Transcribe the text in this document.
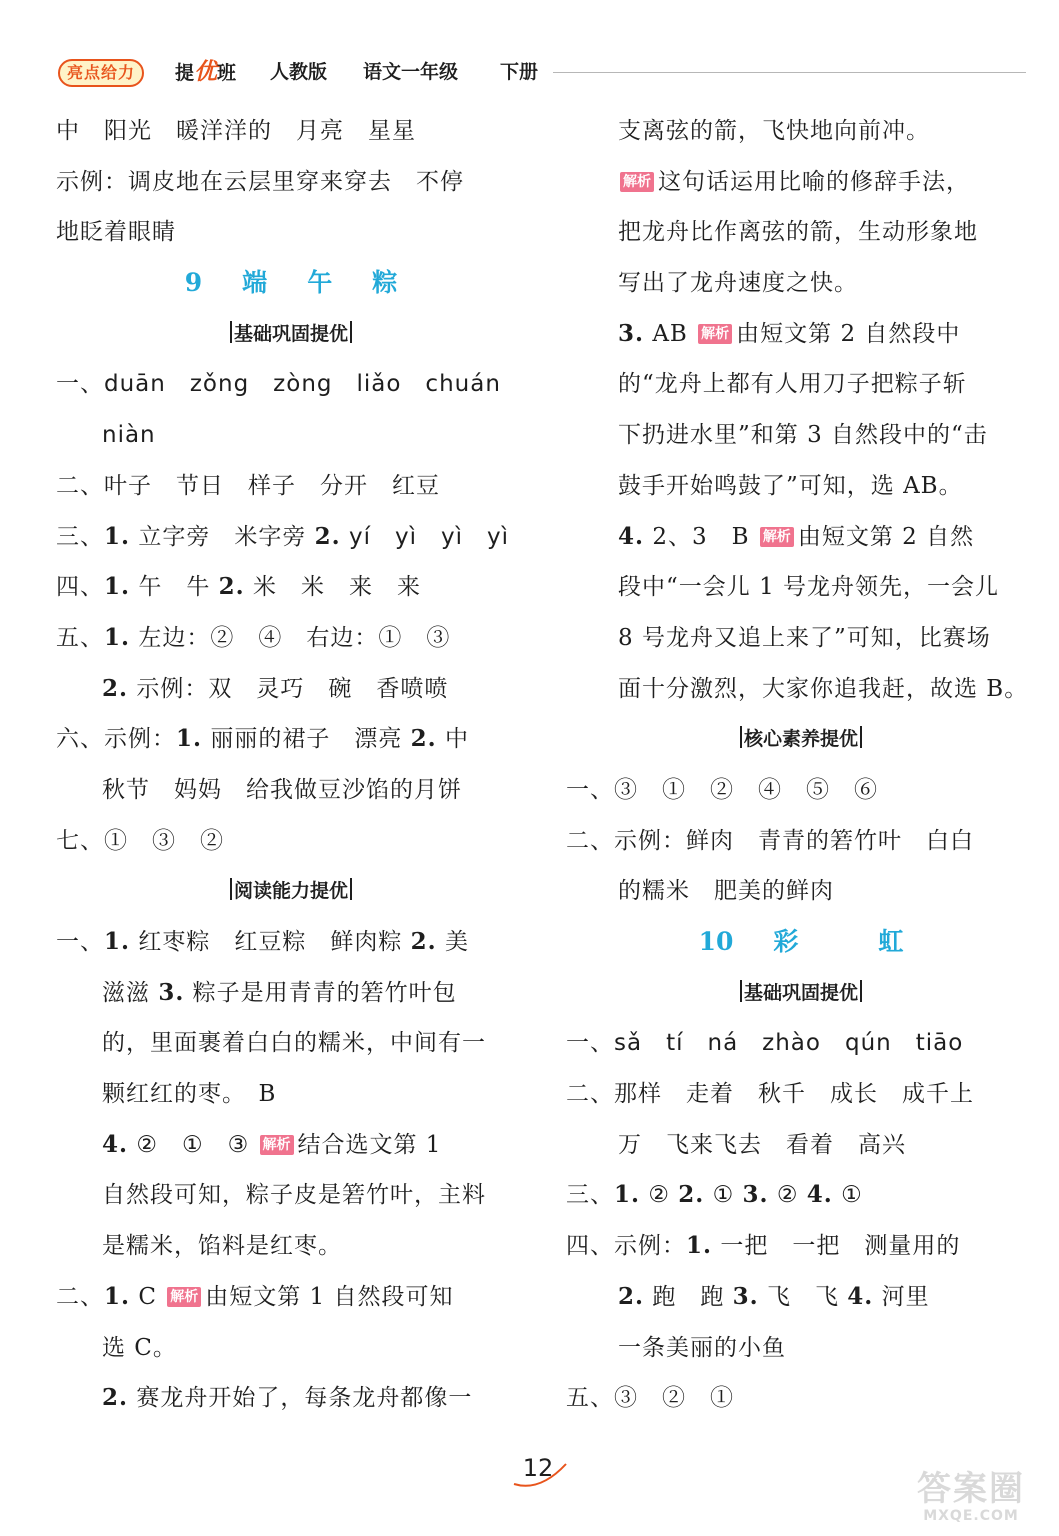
亮点给力	提优班 人教版 语文一年级 下册
中　阳光　暖洋洋的　月亮　星星
示例：调皮地在云层里穿来穿去　不停
地眨着眼睛
9 端 午 粽
基础巩固提优
一、duān　zǒng　zòng　liǎo　chuán
niàn
二、叶子　节日　样子　分开　红豆
三、1. 立字旁　米字旁 2. yí　yì　yì　yì
四、1. 午　牛 2. 米　米　来　来
五、1. 左边：②　④　右边：①　③
2. 示例：双　灵巧　碗　香喷喷
六、示例：1. 丽丽的裙子　漂亮 2. 中
秋节　妈妈　给我做豆沙馅的月饼
七、①　③　②
阅读能力提优
一、1. 红枣粽　红豆粽　鲜肉粽 2. 美
滋滋 3. 粽子是用青青的箬竹叶包
的，里面裹着白白的糯米，中间有一
颗红红的枣。　B
4. ②　①　③ 解析 结合选文第 1
自然段可知，粽子皮是箬竹叶，主料
是糯米，馅料是红枣。
二、1. C 解析 由短文第 1 自然段可知
选 C。
2. 赛龙舟开始了，每条龙舟都像一
支离弦的箭，飞快地向前冲。
解析 这句话运用比喻的修辞手法，
把龙舟比作离弦的箭，生动形象地
写出了龙舟速度之快。
3. AB 解析 由短文第 2 自然段中
的“龙舟上都有人用刀子把粽子斩
下扔进水里”和第 3 自然段中的“击
鼓手开始鸣鼓了”可知，选 AB。
4. 2、3　B 解析 由短文第 2 自然
段中“一会儿 1 号龙舟领先，一会儿
8 号龙舟又追上来了”可知，比赛场
面十分激烈，大家你追我赶，故选 B。
核心素养提优
一、③　①　②　④　⑤　⑥
二、示例：鲜肉　青青的箬竹叶　白白
的糯米　肥美的鲜肉
10 彩	虹
基础巩固提优
一、sǎ　tí　ná　zhào　qún　tiāo
二、那样　走着　秋千　成长　成千上
万　飞来飞去　看着　高兴
三、1. ② 2. ① 3. ② 4. ①
四、示例：1. 一把　一把　测量用的
2. 跑　跑 3. 飞　飞 4. 河里
一条美丽的小鱼
五、③　②　①
12
答案圈
MXQE.COM
